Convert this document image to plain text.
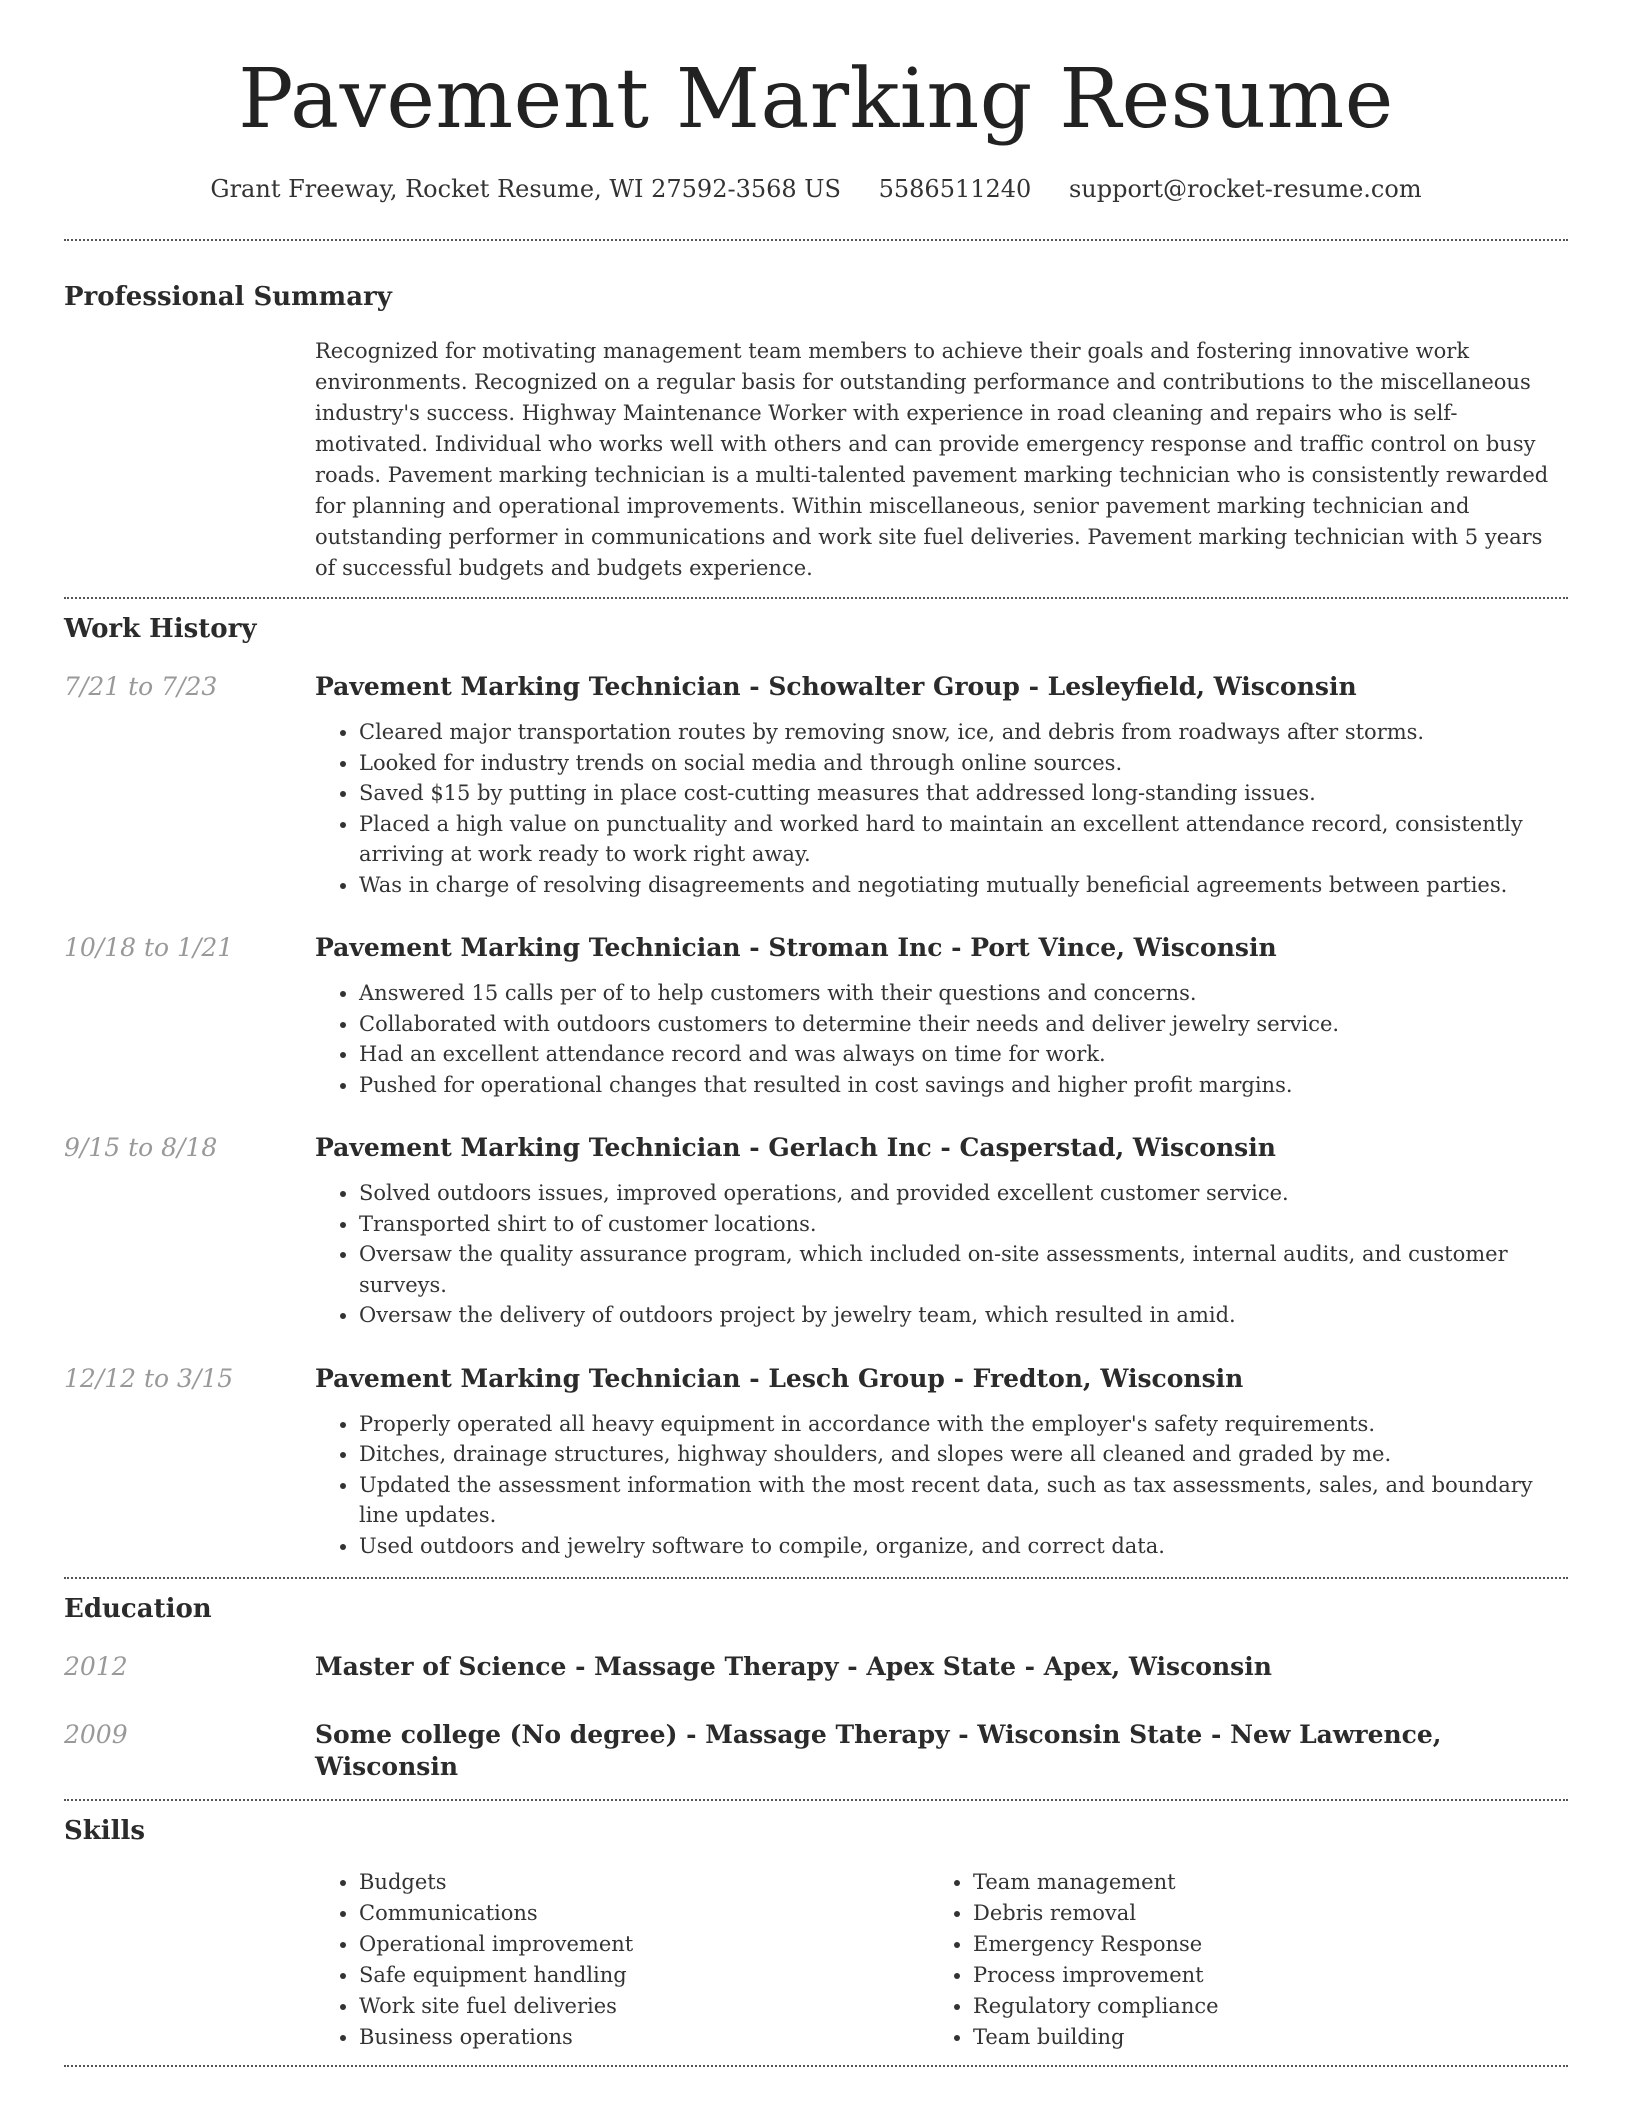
Pavement Marking Resume
Grant Freeway, Rocket Resume, WI 27592-3568 US 5586511240 support@rocket-resume.com
Professional Summary

Recognized for motivating management team members to achieve their goals and fostering innovative work environments. Recognized on a regular basis for outstanding performance and contributions to the miscellaneous industry's success. Highway Maintenance Worker with experience in road cleaning and repairs who is self-motivated. Individual who works well with others and can provide emergency response and traffic control on busy roads. Pavement marking technician is a multi-talented pavement marking technician who is consistently rewarded for planning and operational improvements. Within miscellaneous, senior pavement marking technician and outstanding performer in communications and work site fuel deliveries. Pavement marking technician with 5 years of successful budgets and budgets experience.

Work History
7/21 to 7/23	Pavement Marking Technician - Schowalter Group - Lesleyfield, Wisconsin
• Cleared major transportation routes by removing snow, ice, and debris from roadways after storms.
• Looked for industry trends on social media and through online sources.
• Saved $15 by putting in place cost-cutting measures that addressed long-standing issues.
• Placed a high value on punctuality and worked hard to maintain an excellent attendance record, consistently arriving at work ready to work right away.
• Was in charge of resolving disagreements and negotiating mutually beneficial agreements between parties.
10/18 to 1/21	Pavement Marking Technician - Stroman Inc - Port Vince, Wisconsin
• Answered 15 calls per of to help customers with their questions and concerns.
• Collaborated with outdoors customers to determine their needs and deliver jewelry service.
• Had an excellent attendance record and was always on time for work.
• Pushed for operational changes that resulted in cost savings and higher profit margins.
9/15 to 8/18	Pavement Marking Technician - Gerlach Inc - Casperstad, Wisconsin
• Solved outdoors issues, improved operations, and provided excellent customer service.
• Transported shirt to of customer locations.
• Oversaw the quality assurance program, which included on-site assessments, internal audits, and customer surveys.
• Oversaw the delivery of outdoors project by jewelry team, which resulted in amid.
12/12 to 3/15	Pavement Marking Technician - Lesch Group - Fredton, Wisconsin
• Properly operated all heavy equipment in accordance with the employer's safety requirements.
• Ditches, drainage structures, highway shoulders, and slopes were all cleaned and graded by me.
• Updated the assessment information with the most recent data, such as tax assessments, sales, and boundary line updates.
• Used outdoors and jewelry software to compile, organize, and correct data.
Education
2012	Master of Science - Massage Therapy - Apex State - Apex, Wisconsin
2009	Some college (No degree) - Massage Therapy - Wisconsin State - New Lawrence, Wisconsin
Skills
• Budgets
• Communications
• Operational improvement
• Safe equipment handling
• Work site fuel deliveries
• Business operations
• Team management
• Debris removal
• Emergency Response
• Process improvement
• Regulatory compliance
• Team building
